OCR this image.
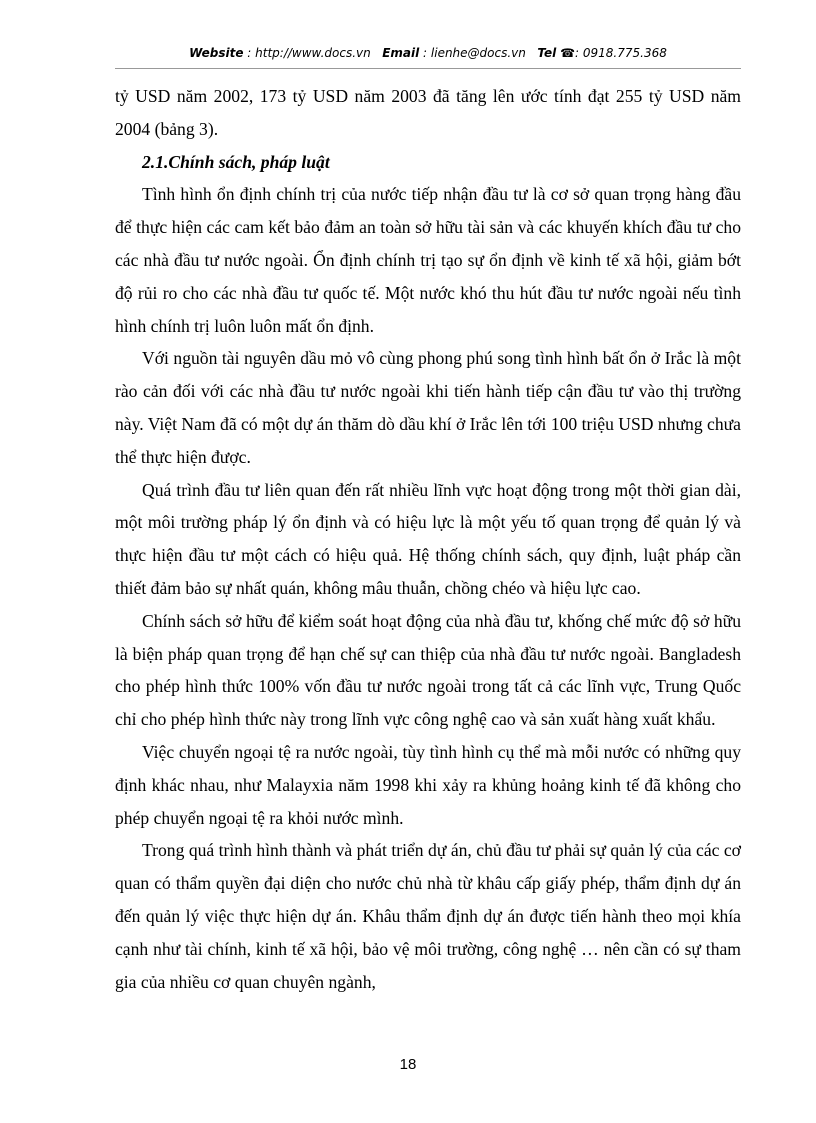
Website : http://www.docs.vn Email : lienhe@docs.vn Tel ☎: 0918.775.368

tỷ USD năm 2002, 173 tỷ USD năm 2003 đã tăng lên ước tính đạt 255 tỷ USD năm 2004 (bảng 3).

2.1.Chính sách, pháp luật

Tình hình ổn định chính trị của nước tiếp nhận đầu tư là cơ sở quan trọng hàng đầu để thực hiện các cam kết bảo đảm an toàn sở hữu tài sản và các khuyến khích đầu tư cho các nhà đầu tư nước ngoài. Ổn định chính trị tạo sự ổn định về kinh tế xã hội, giảm bớt độ rủi ro cho các nhà đầu tư quốc tế. Một nước khó thu hút đầu tư nước ngoài nếu tình hình chính trị luôn luôn mất ổn định.

Với nguồn tài nguyên dầu mỏ vô cùng phong phú song tình hình bất ổn ở Irắc là một rào cản đối với các nhà đầu tư nước ngoài khi tiến hành tiếp cận đầu tư vào thị trường này. Việt Nam đã có một dự án thăm dò dầu khí ở Irắc lên tới 100 triệu USD nhưng chưa thể thực hiện được.

Quá trình đầu tư liên quan đến rất nhiều lĩnh vực hoạt động trong một thời gian dài, một môi trường pháp lý ổn định và có hiệu lực là một yếu tố quan trọng để quản lý và thực hiện đầu tư một cách có hiệu quả. Hệ thống chính sách, quy định, luật pháp cần thiết đảm bảo sự nhất quán, không mâu thuẫn, chồng chéo và hiệu lực cao.

Chính sách sở hữu để kiểm soát hoạt động của nhà đầu tư, khống chế mức độ sở hữu là biện pháp quan trọng để hạn chế sự can thiệp của nhà đầu tư nước ngoài. Bangladesh cho phép hình thức 100% vốn đầu tư nước ngoài trong tất cả các lĩnh vực, Trung Quốc chỉ cho phép hình thức này trong lĩnh vực công nghệ cao và sản xuất hàng xuất khẩu.

Việc chuyển ngoại tệ ra nước ngoài, tùy tình hình cụ thể mà mỗi nước có những quy định khác nhau, như Malayxia năm 1998 khi xảy ra khủng hoảng kinh tế đã không cho phép chuyển ngoại tệ ra khỏi nước mình.

Trong quá trình hình thành và phát triển dự án, chủ đầu tư phải sự quản lý của các cơ quan có thẩm quyền đại diện cho nước chủ nhà từ khâu cấp giấy phép, thẩm định dự án đến quản lý việc thực hiện dự án. Khâu thẩm định dự án được tiến hành theo mọi khía cạnh như tài chính, kinh tế xã hội, bảo vệ môi trường, công nghệ … nên cần có sự tham gia của nhiều cơ quan chuyên ngành,

18
